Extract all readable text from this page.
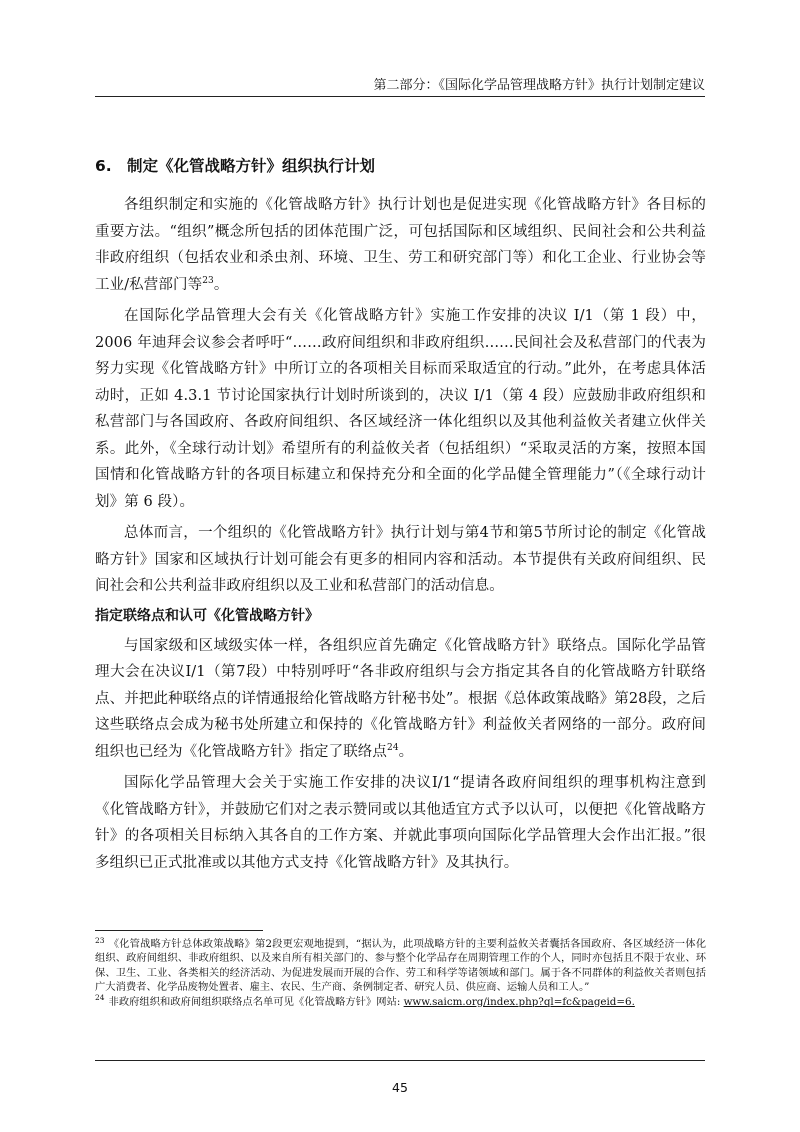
第二部分：《国际化学品管理战略方针》执行计划制定建议
6. 制定《化管战略方针》组织执行计划

各组织制定和实施的《化管战略方针》执行计划也是促进实现《化管战略方针》各目标的重要方法。“组织”概念所包括的团体范围广泛，可包括国际和区域组织、民间社会和公共利益非政府组织（包括农业和杀虫剂、环境、卫生、劳工和研究部门等）和化工企业、行业协会等工业/私营部门等$^{23}$。

在国际化学品管理大会有关《化管战略方针》实施工作安排的决议 I/1（第 1 段）中，2006 年迪拜会议参会者呼吁“……政府间组织和非政府组织……民间社会及私营部门的代表为努力实现《化管战略方针》中所订立的各项相关目标而采取适宜的行动。”此外，在考虑具体活动时，正如 4.3.1 节讨论国家执行计划时所谈到的，决议 I/1（第 4 段）应鼓励非政府组织和私营部门与各国政府、各政府间组织、各区域经济一体化组织以及其他利益攸关者建立伙伴关系。此外，《全球行动计划》希望所有的利益攸关者（包括组织）“采取灵活的方案，按照本国国情和化管战略方针的各项目标建立和保持充分和全面的化学品健全管理能力”（《全球行动计划》第 6 段）。

总体而言，一个组织的《化管战略方针》执行计划与第4节和第5节所讨论的制定《化管战略方针》国家和区域执行计划可能会有更多的相同内容和活动。本节提供有关政府间组织、民间社会和公共利益非政府组织以及工业和私营部门的活动信息。

指定联络点和认可《化管战略方针》

与国家级和区域级实体一样，各组织应首先确定《化管战略方针》联络点。国际化学品管理大会在决议I/1（第7段）中特别呼吁“各非政府组织与会方指定其各自的化管战略方针联络点、并把此种联络点的详情通报给化管战略方针秘书处”。根据《总体政策战略》第28段，之后这些联络点会成为秘书处所建立和保持的《化管战略方针》利益攸关者网络的一部分。政府间组织也已经为《化管战略方针》指定了联络点$^{24}$。

国际化学品管理大会关于实施工作安排的决议I/1“提请各政府间组织的理事机构注意到《化管战略方针》，并鼓励它们对之表示赞同或以其他适宜方式予以认可，以便把《化管战略方针》的各项相关目标纳入其各自的工作方案、并就此事项向国际化学品管理大会作出汇报。”很多组织已正式批准或以其他方式支持《化管战略方针》及其执行。

$^{23}$ 《化管战略方针总体政策战略》第2段更宏观地提到，“据认为，此项战略方针的主要利益攸关者囊括各国政府、各区域经济一体化组织、政府间组织、非政府组织、以及来自所有相关部门的、参与整个化学品存在周期管理工作的个人，同时亦包括且不限于农业、环保、卫生、工业、各类相关的经济活动、为促进发展而开展的合作、劳工和科学等诸领域和部门。属于各不同群体的利益攸关者则包括广大消费者、化学品废物处置者、雇主、农民、生产商、条例制定者、研究人员、供应商、运输人员和工人。”

$^{24}$ 非政府组织和政府间组织联络点名单可见《化管战略方针》网站: www.saicm.org/index.php?ql=fc&pageid=6.

45
